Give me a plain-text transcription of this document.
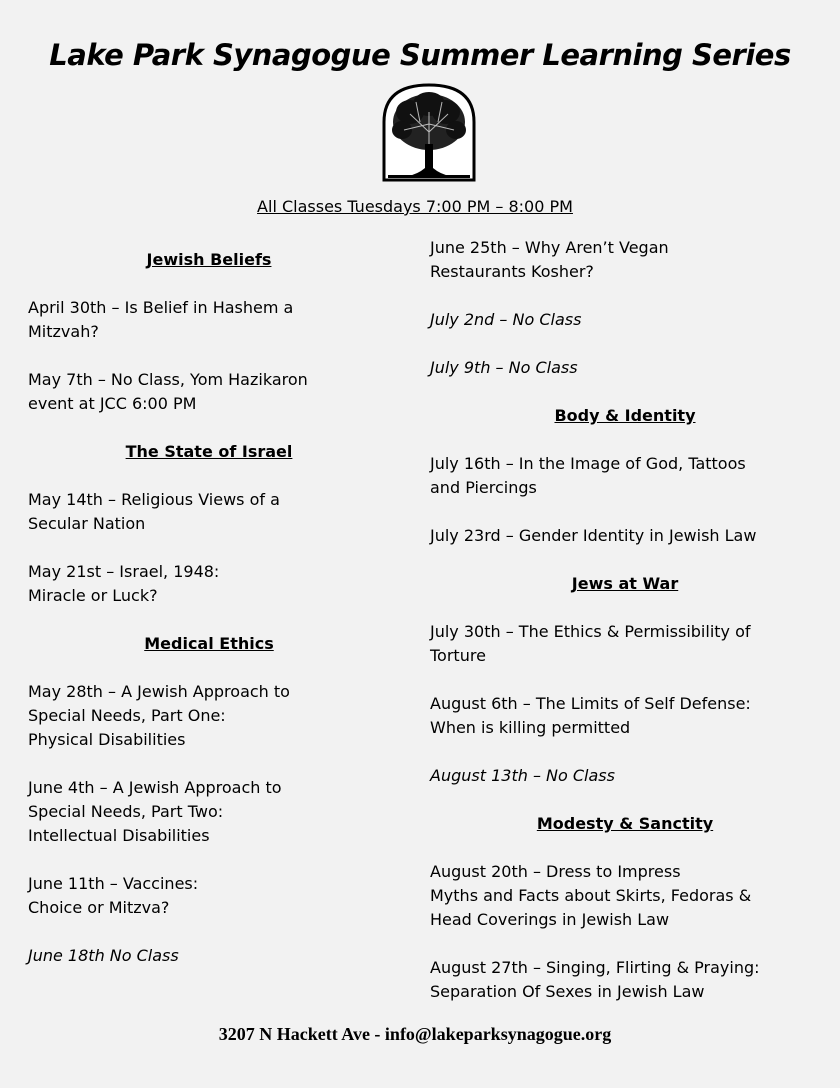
Lake Park Synagogue Summer Learning Series
All Classes Tuesdays 7:00 PM – 8:00 PM
Jewish Beliefs
April 30th – Is Belief in Hashem a
Mitzvah?
May 7th – No Class, Yom Hazikaron
event at JCC 6:00 PM
The State of Israel
May 14th – Religious Views of a
Secular Nation
May 21st – Israel, 1948:
Miracle or Luck?
Medical Ethics
May 28th – A Jewish Approach to
Special Needs, Part One:
Physical Disabilities
June 4th – A Jewish Approach to
Special Needs, Part Two:
Intellectual Disabilities
June 11th – Vaccines:
Choice or Mitzva?
June 18th No Class
June 25th – Why Aren’t Vegan
Restaurants Kosher?
July 2nd – No Class
July 9th – No Class
Body & Identity
July 16th – In the Image of God, Tattoos
and Piercings
July 23rd – Gender Identity in Jewish Law
Jews at War
July 30th – The Ethics & Permissibility of
Torture
August 6th – The Limits of Self Defense:
When is killing permitted
August 13th – No Class
Modesty & Sanctity
August 20th – Dress to Impress
Myths and Facts about Skirts, Fedoras &
Head Coverings in Jewish Law
August 27th – Singing, Flirting & Praying:
Separation Of Sexes in Jewish Law
3207 N Hackett Ave - info@lakeparksynagogue.org
